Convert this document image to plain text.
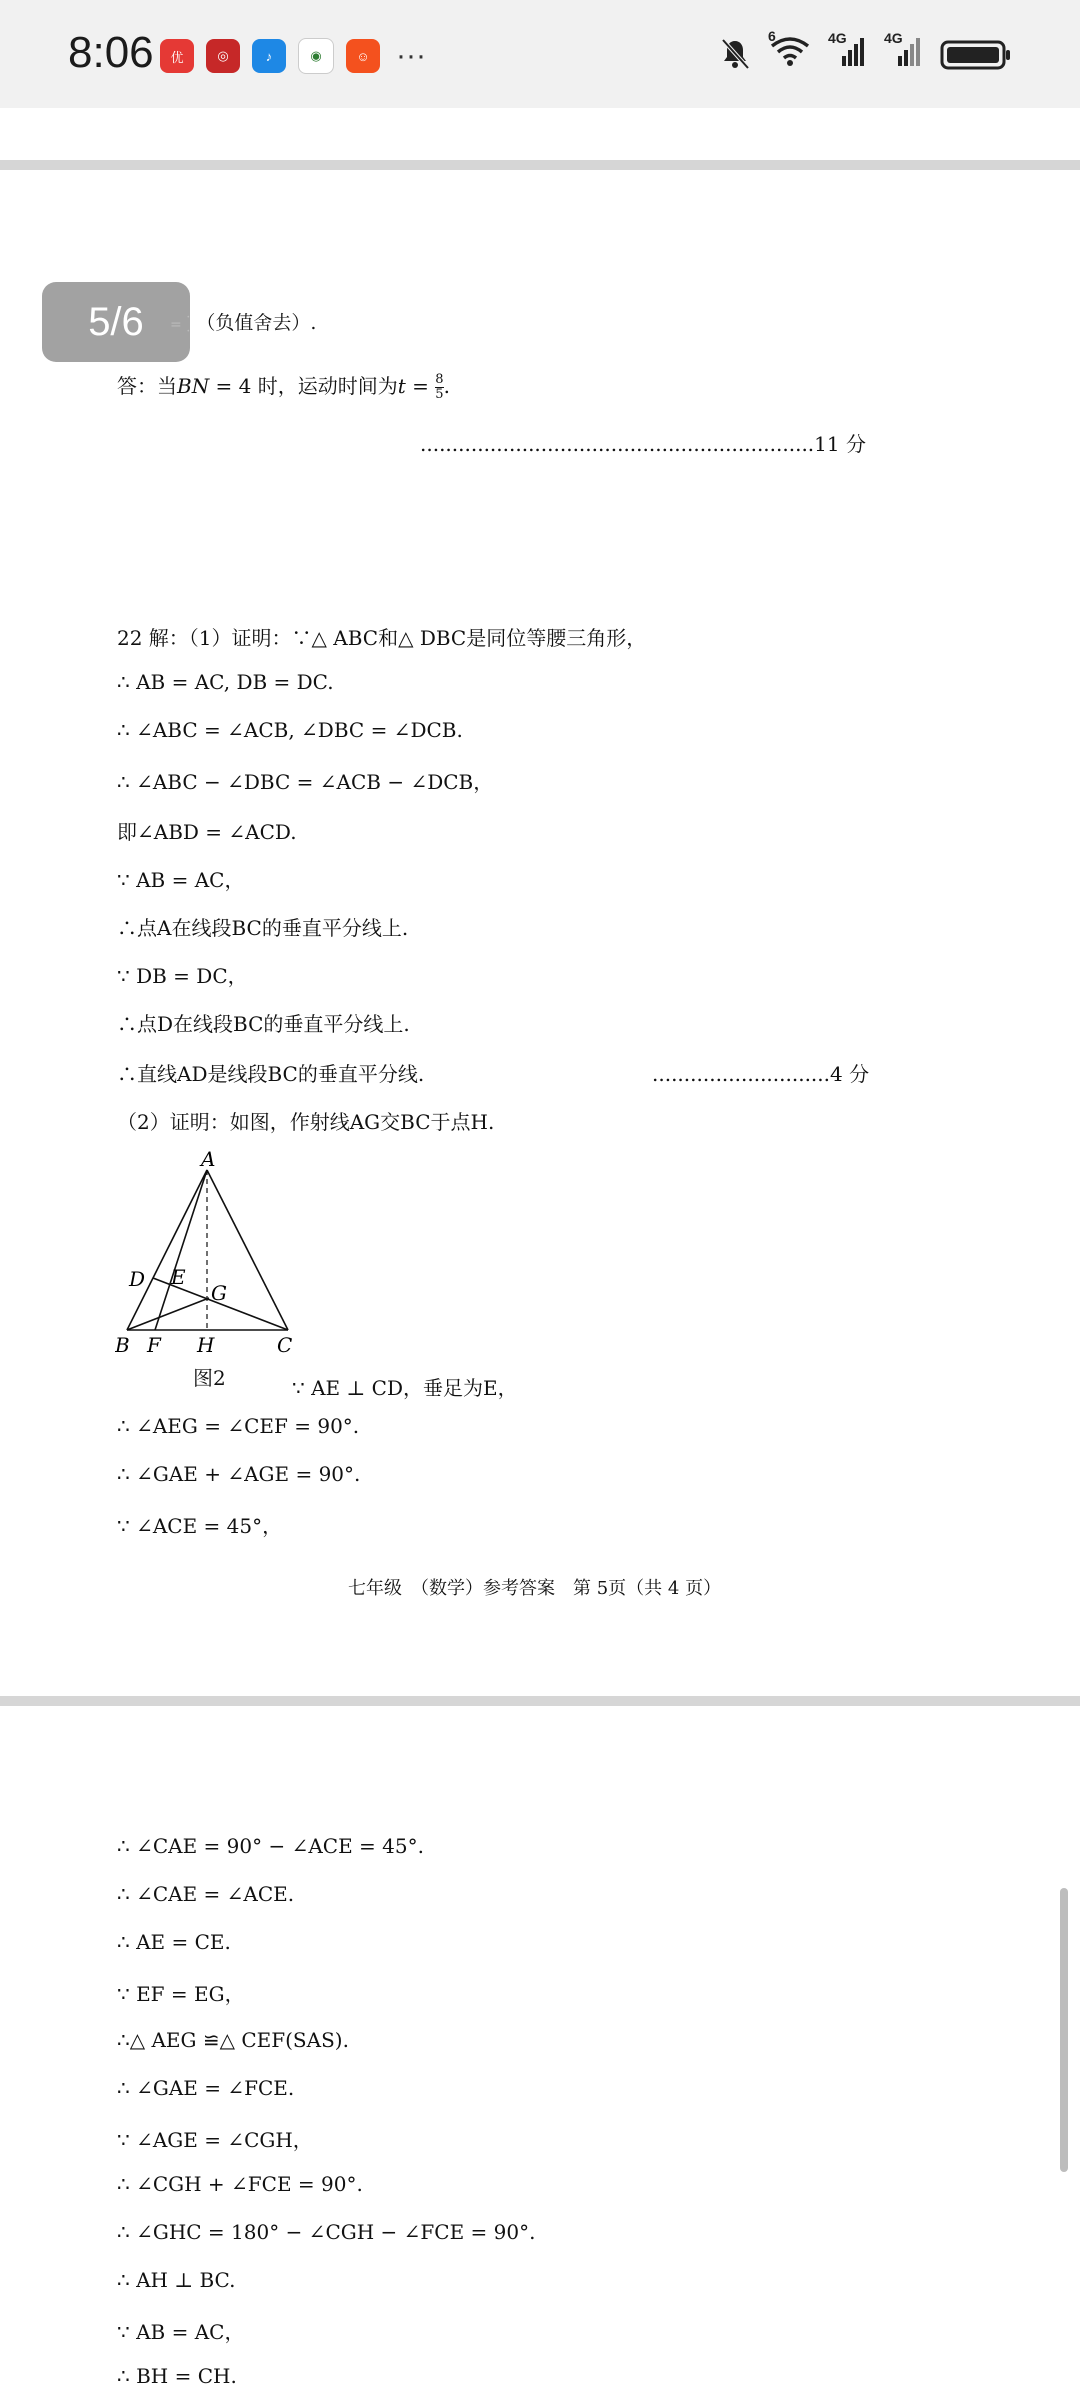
8:06	优	◎	♪	◉	☺ ···
6	4G	4G
5/6	= ·
· （负值舍去）.
答：当BN = 4 时，运动时间为$t = \frac{8}{5}$ .
..............................................................11 分
22 解：（1）证明：∵△ ABC和△ DBC是同位等腰三角形，
∴ AB = AC, DB = DC.
∴ ∠ABC = ∠ACB, ∠DBC = ∠DCB.
∴ ∠ABC − ∠DBC = ∠ACB − ∠DCB，
即∠ABD = ∠ACD.
∵ AB = AC，
∴点A在线段BC的垂直平分线上.
∵ DB = DC，
∴点D在线段BC的垂直平分线上.
∴直线AD是线段BC的垂直平分线.	............................4 分
（2）证明：如图，作射线AG交BC于点H.
A
D E
G
B F H	C
图2	∵ AE ⊥ CD，垂足为E，
∴ ∠AEG = ∠CEF = 90°.
∴ ∠GAE + ∠AGE = 90°.
∵ ∠ACE = 45°，
七年级　（数学）参考答案　第 5页（共 4 页）
∴ ∠CAE = 90° − ∠ACE = 45°.
∴ ∠CAE = ∠ACE.
∴ AE = CE.
∵ EF = EG，
∴△ AEG ≌△ CEF(SAS).
∴ ∠GAE = ∠FCE.
∵ ∠AGE = ∠CGH，
∴ ∠CGH + ∠FCE = 90°.
∴ ∠GHC = 180° − ∠CGH − ∠FCE = 90°.
∴ AH ⊥ BC.
∵ AB = AC，
∴ BH = CH.
